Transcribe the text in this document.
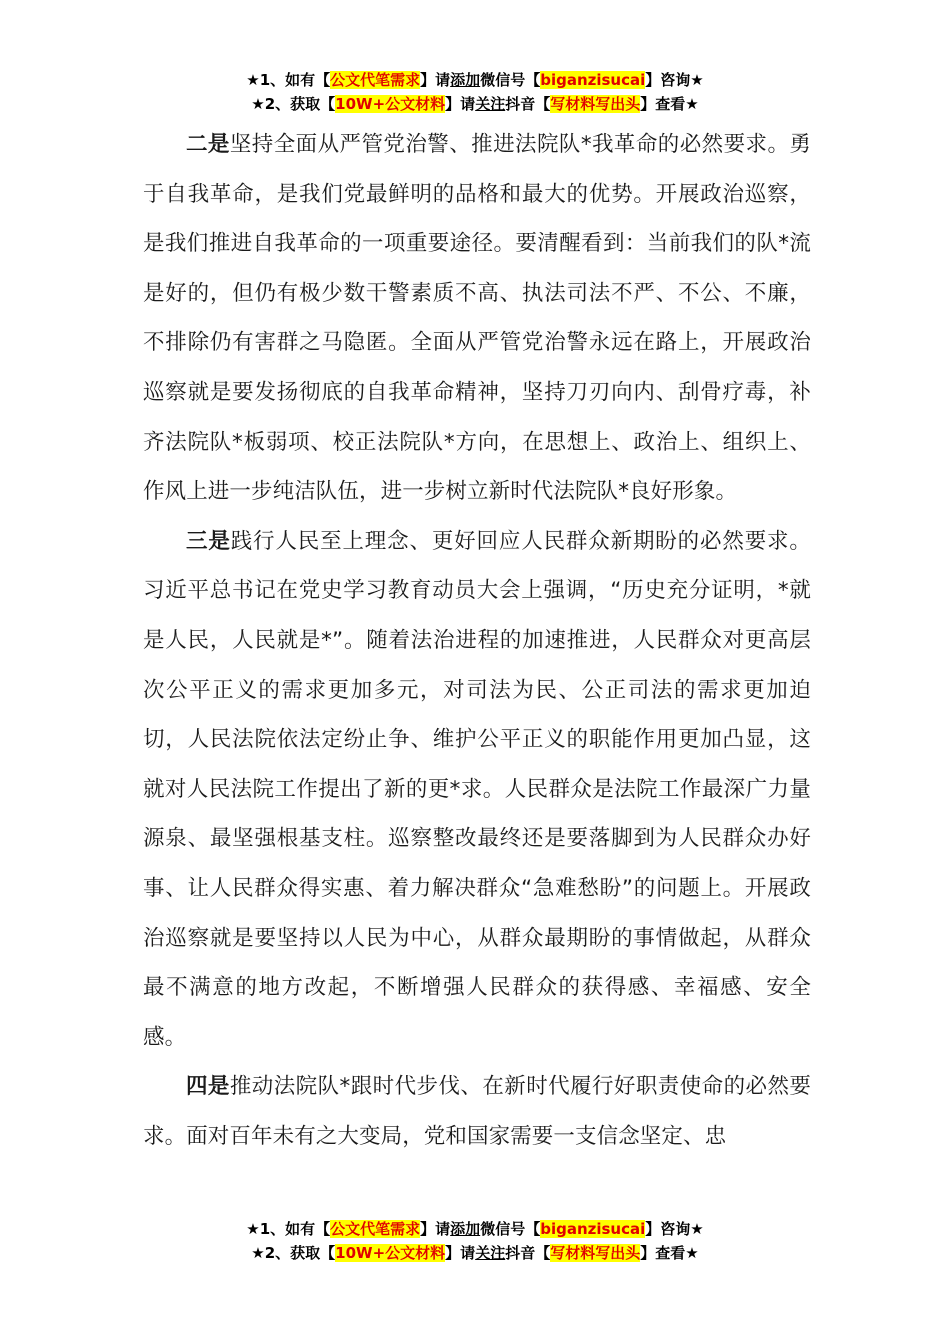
★1、如有【公文代笔需求】请添加微信号【biganzisucai】咨询★
★2、获取【10W+公文材料】请关注抖音【写材料写出头】查看★

二是坚持全面从严管党治警、推进法院队*我革命的必然要求。勇于自我革命，是我们党最鲜明的品格和最大的优势。开展政治巡察，是我们推进自我革命的一项重要途径。要清醒看到：当前我们的队*流是好的，但仍有极少数干警素质不高、执法司法不严、不公、不廉，不排除仍有害群之马隐匿。全面从严管党治警永远在路上，开展政治巡察就是要发扬彻底的自我革命精神，坚持刀刃向内、刮骨疗毒，补齐法院队*板弱项、校正法院队*方向，在思想上、政治上、组织上、作风上进一步纯洁队伍，进一步树立新时代法院队*良好形象。

三是践行人民至上理念、更好回应人民群众新期盼的必然要求。习近平总书记在党史学习教育动员大会上强调，“历史充分证明，*就是人民，人民就是*”。随着法治进程的加速推进，人民群众对更高层次公平正义的需求更加多元，对司法为民、公正司法的需求更加迫切，人民法院依法定纷止争、维护公平正义的职能作用更加凸显，这就对人民法院工作提出了新的更*求。人民群众是法院工作最深广力量源泉、最坚强根基支柱。巡察整改最终还是要落脚到为人民群众办好事、让人民群众得实惠、着力解决群众“急难愁盼”的问题上。开展政治巡察就是要坚持以人民为中心，从群众最期盼的事情做起，从群众最不满意的地方改起，不断增强人民群众的获得感、幸福感、安全感。

四是推动法院队*跟时代步伐、在新时代履行好职责使命的必然要求。面对百年未有之大变局，党和国家需要一支信念坚定、忠

★1、如有【公文代笔需求】请添加微信号【biganzisucai】咨询★
★2、获取【10W+公文材料】请关注抖音【写材料写出头】查看★
